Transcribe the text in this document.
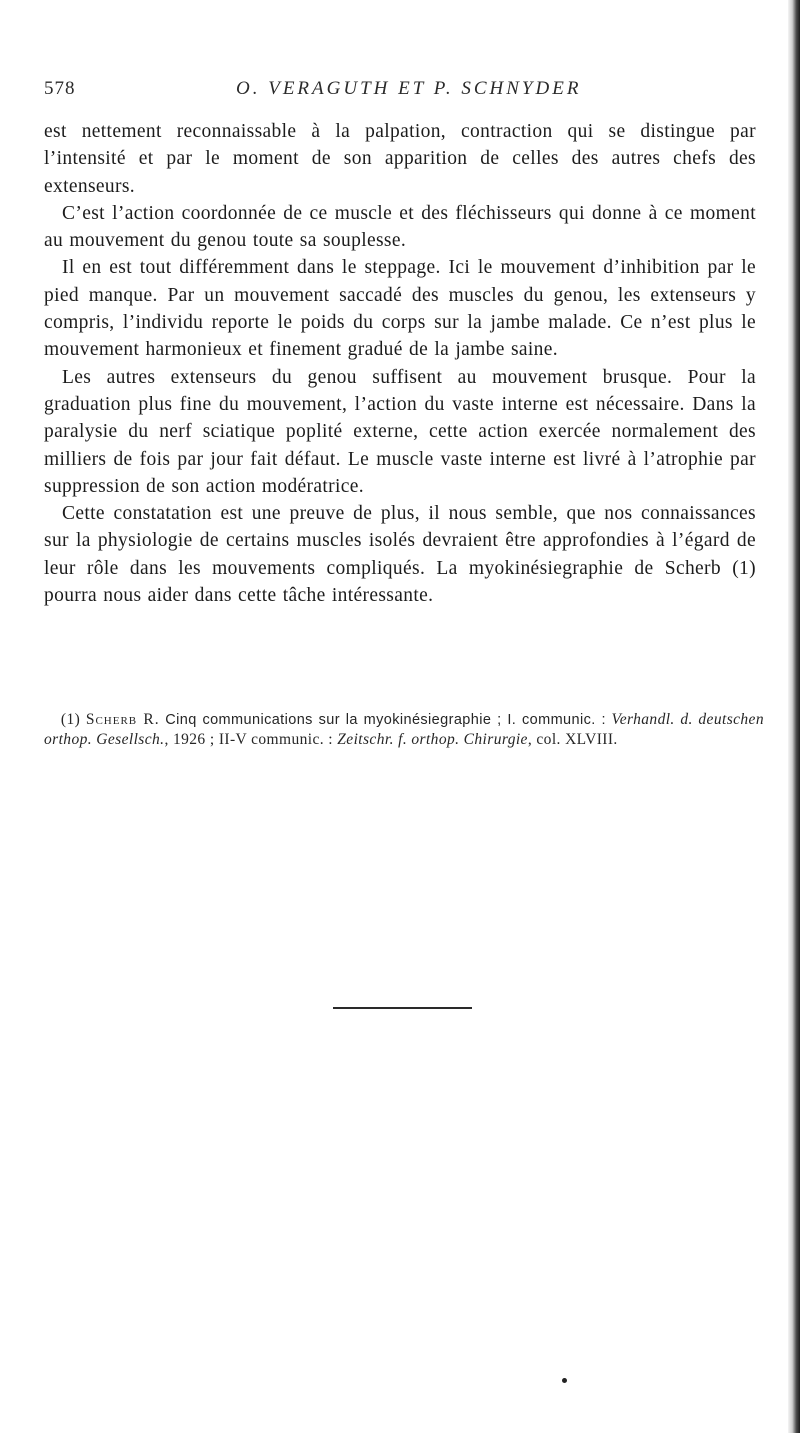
578	O. VERAGUTH ET P. SCHNYDER

est nettement reconnaissable à la palpation, contraction qui se distingue par l’intensité et par le moment de son apparition de celles des autres chefs des extenseurs.

C’est l’action coordonnée de ce muscle et des fléchisseurs qui donne à ce moment au mouvement du genou toute sa souplesse.

Il en est tout différemment dans le steppage. Ici le mouvement d’inhibition par le pied manque. Par un mouvement saccadé des muscles du genou, les extenseurs y compris, l’individu reporte le poids du corps sur la jambe malade. Ce n’est plus le mouvement harmonieux et finement gradué de la jambe saine.

Les autres extenseurs du genou suffisent au mouvement brusque. Pour la graduation plus fine du mouvement, l’action du vaste interne est nécessaire. Dans la paralysie du nerf sciatique poplité externe, cette action exercée normalement des milliers de fois par jour fait défaut. Le muscle vaste interne est livré à l’atrophie par suppression de son action modératrice.

Cette constatation est une preuve de plus, il nous semble, que nos connaissances sur la physiologie de certains muscles isolés devraient être approfondies à l’égard de leur rôle dans les mouvements compliqués. La myokinésiegraphie de Scherb (1) pourra nous aider dans cette tâche intéressante.

(1) Scherb R. Cinq communications sur la myokinésiegraphie ; I. communic. : Verhandl. d. deutschen orthop. Gesellsch., 1926 ; II-V communic. : Zeitschr. f. orthop. Chirurgie, col. XLVIII.
